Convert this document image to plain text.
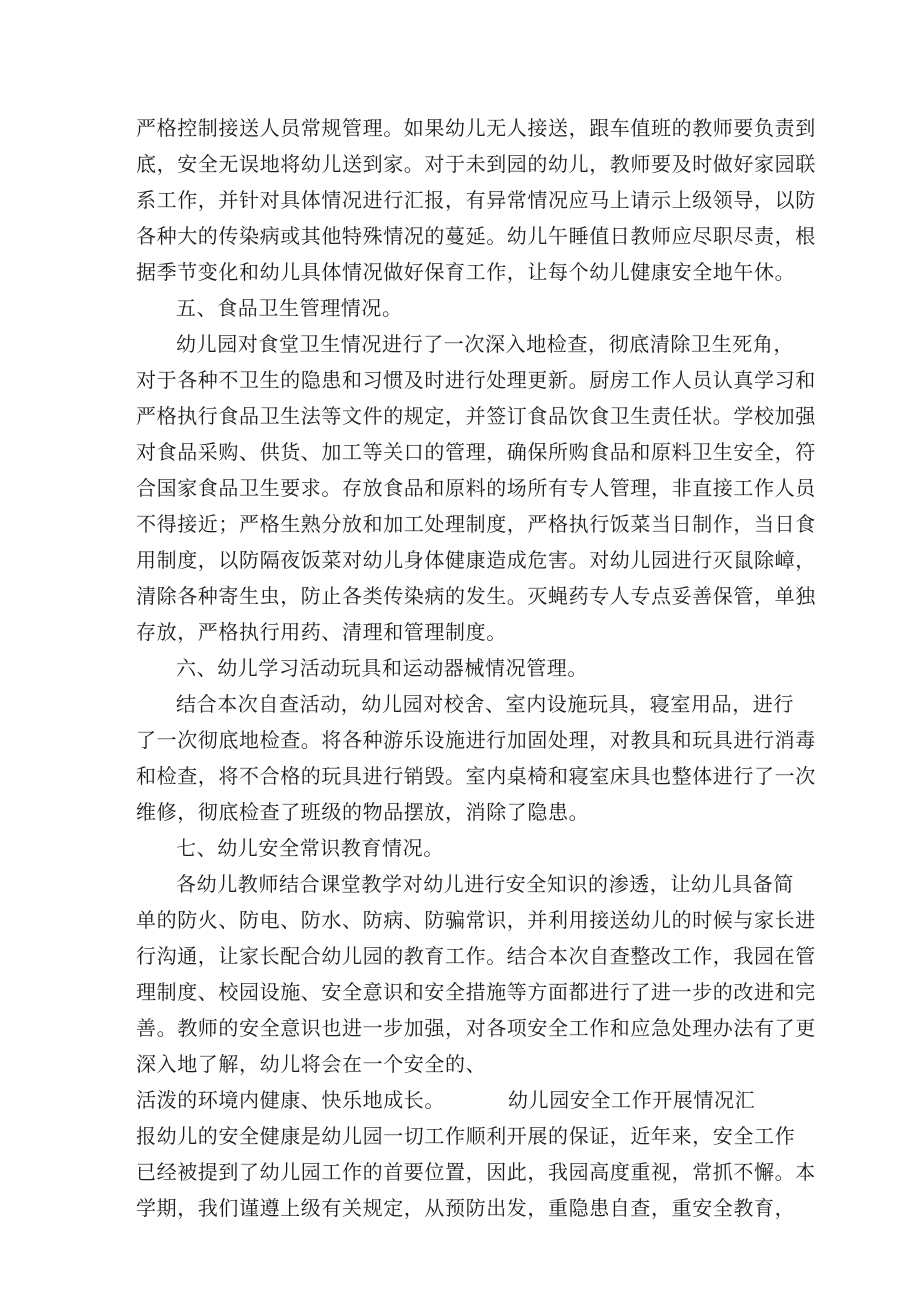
严格控制接送人员常规管理。如果幼儿无人接送，跟车值班的教师要负责到
底，安全无误地将幼儿送到家。对于未到园的幼儿，教师要及时做好家园联
系工作，并针对具体情况进行汇报，有异常情况应马上请示上级领导，以防
各种大的传染病或其他特殊情况的蔓延。幼儿午睡值日教师应尽职尽责，根
据季节变化和幼儿具体情况做好保育工作，让每个幼儿健康安全地午休。
五、食品卫生管理情况。
幼儿园对食堂卫生情况进行了一次深入地检查，彻底清除卫生死角，
对于各种不卫生的隐患和习惯及时进行处理更新。厨房工作人员认真学习和
严格执行食品卫生法等文件的规定，并签订食品饮食卫生责任状。学校加强
对食品采购、供货、加工等关口的管理，确保所购食品和原料卫生安全，符
合国家食品卫生要求。存放食品和原料的场所有专人管理，非直接工作人员
不得接近；严格生熟分放和加工处理制度，严格执行饭菜当日制作，当日食
用制度，以防隔夜饭菜对幼儿身体健康造成危害。对幼儿园进行灭鼠除嶂，
清除各种寄生虫，防止各类传染病的发生。灭蝇药专人专点妥善保管，单独
存放，严格执行用药、清理和管理制度。
六、幼儿学习活动玩具和运动器械情况管理。
结合本次自查活动，幼儿园对校舍、室内设施玩具，寝室用品，进行
了一次彻底地检查。将各种游乐设施进行加固处理，对教具和玩具进行消毒
和检查，将不合格的玩具进行销毁。室内桌椅和寝室床具也整体进行了一次
维修，彻底检查了班级的物品摆放，消除了隐患。
七、幼儿安全常识教育情况。
各幼儿教师结合课堂教学对幼儿进行安全知识的渗透，让幼儿具备简
单的防火、防电、防水、防病、防骗常识，并利用接送幼儿的时候与家长进
行沟通，让家长配合幼儿园的教育工作。结合本次自查整改工作，我园在管
理制度、校园设施、安全意识和安全措施等方面都进行了进一步的改进和完
善。教师的安全意识也进一步加强，对各项安全工作和应急处理办法有了更
深入地了解，幼儿将会在一个安全的、
活泼的环境内健康、快乐地成长。	幼儿园安全工作开展情况汇
报幼儿的安全健康是幼儿园一切工作顺利开展的保证，近年来，安全工作
已经被提到了幼儿园工作的首要位置，因此，我园高度重视，常抓不懈。本
学期，我们谨遵上级有关规定，从预防出发，重隐患自查，重安全教育，
